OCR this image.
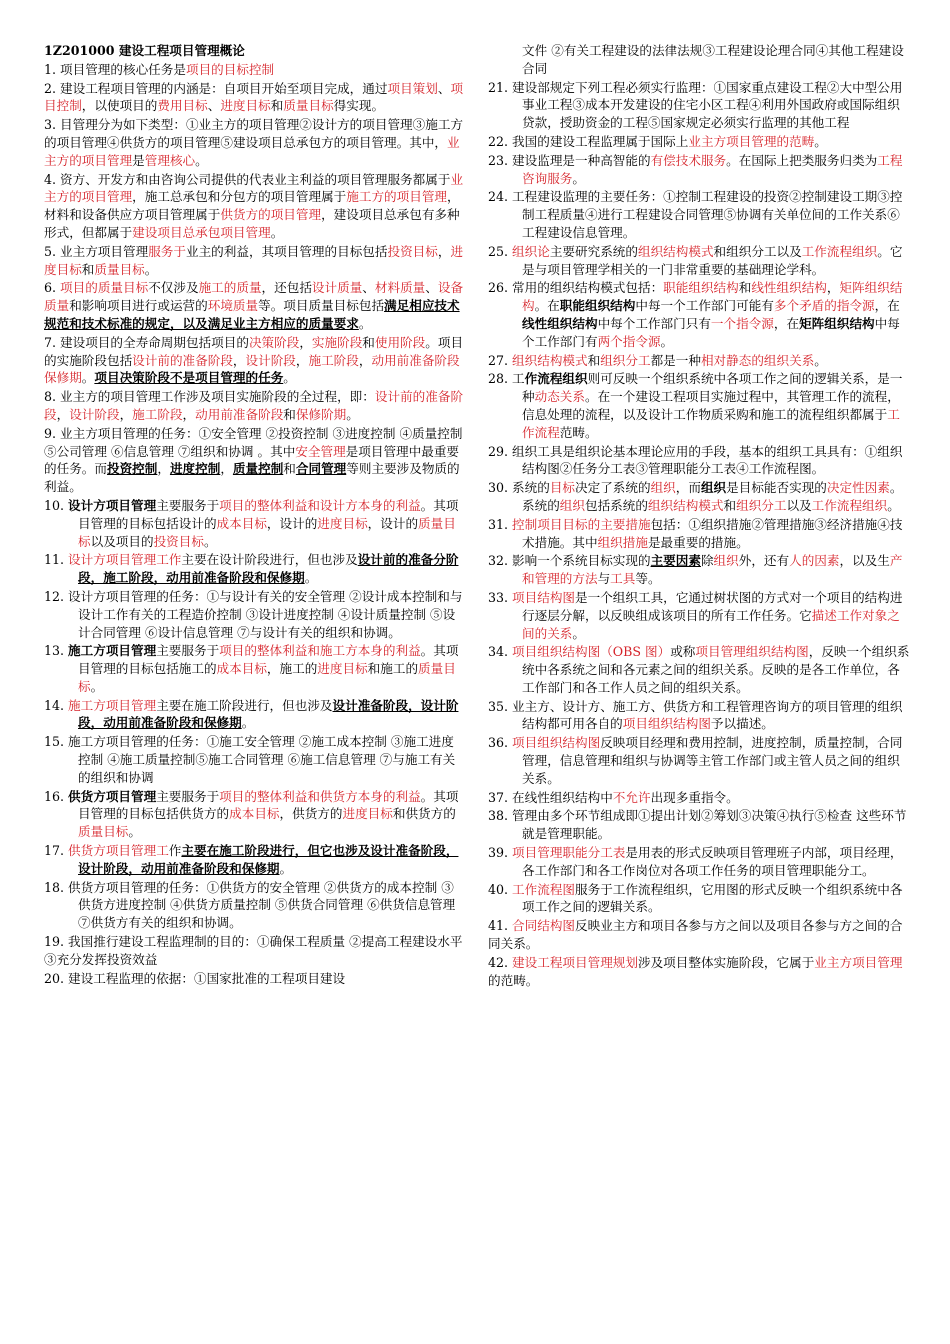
1Z201000 建设工程项目管理概论
1. 项目管理的核心任务是项目的目标控制
2. 建设工程项目管理的内涵是：自项目开始至项目完成，通过项目策划、项目控制，以使项目的费用目标、进度目标和质量目标得实现。
3. 目管理分为如下类型：①业主方的项目管理②设计方的项目管理③施工方的项目管理④供货方的项目管理⑤建设项目总承包方的项目管理。其中，业主方的项目管理是管理核心。
4. 资方、开发方和由咨询公司提供的代表业主利益的项目管理服务都属于业主方的项目管理，施工总承包和分包方的项目管理属于施工方的项目管理，材料和设备供应方项目管理属于供货方的项目管理，建设项目总承包有多种形式，但都属于建设项目总承包项目管理。
5. 业主方项目管理服务于业主的利益，其项目管理的目标包括投资目标，进度目标和质量目标。
6. 项目的质量目标不仅涉及施工的质量，还包括设计质量、材料质量、设备质量和影响项目进行或运营的环境质量等。项目质量目标包括满足相应技术规范和技术标准的规定，以及满足业主方相应的质量要求。
7. 建设项目的全寿命周期包括项目的决策阶段，实施阶段和使用阶段。项目的实施阶段包括设计前的准备阶段，设计阶段，施工阶段，动用前准备阶段保修期。项目决策阶段不是项目管理的任务。
8. 业主方的项目管理工作涉及项目实施阶段的全过程，即：设计前的准备阶段，设计阶段，施工阶段，动用前准备阶段和保修阶期。
9. 业主方项目管理的任务：①安全管理 ②投资控制 ③进度控制 ④质量控制 ⑤公司管理 ⑥信息管理 ⑦组织和协调 。其中安全管理是项目管理中最重要的任务。而投资控制，进度控制，质量控制和合同管理等则主要涉及物质的利益。
10. 设计方项目管理主要服务于项目的整体利益和设计方本身的利益。其项目管理的目标包括设计的成本目标，设计的进度目标，设计的质量目标以及项目的投资目标。
11. 设计方项目管理工作主要在设计阶段进行，但也涉及设计前的准备分阶段，施工阶段，动用前准备阶段和保修期。
12. 设计方项目管理的任务：①与设计有关的安全管理 ②设计成本控制和与设计工作有关的工程造价控制 ③设计进度控制 ④设计质量控制 ⑤设计合同管理 ⑥设计信息管理 ⑦与设计有关的组织和协调。
13. 施工方项目管理主要服务于项目的整体利益和施工方本身的利益。其项目管理的目标包括施工的成本目标，施工的进度目标和施工的质量目标。
14. 施工方项目管理主要在施工阶段进行，但也涉及设计准备阶段，设计阶段，动用前准备阶段和保修期。
15. 施工方项目管理的任务：①施工安全管理 ②施工成本控制 ③施工进度控制 ④施工质量控制⑤施工合同管理 ⑥施工信息管理 ⑦与施工有关的组织和协调
16. 供货方项目管理主要服务于项目的整体利益和供货方本身的利益。其项目管理的目标包括供货方的成本目标，供货方的进度目标和供货方的质量目标。
17. 供货方项目管理工作主要在施工阶段进行，但它也涉及设计准备阶段，设计阶段，动用前准备阶段和保修期。
18. 供货方项目管理的任务：①供货方的安全管理 ②供货方的成本控制 ③供货方进度控制 ④供货方质量控制 ⑤供货合同管理 ⑥供货信息管理 ⑦供货方有关的组织和协调。
19. 我国推行建设工程监理制的目的：①确保工程质量 ②提高工程建设水平③充分发挥投资效益
20. 建设工程监理的依据：①国家批准的工程项目建设
文件 ②有关工程建设的法律法规③工程建设论理合同④其他工程建设合同
21. 建设部规定下列工程必须实行监理：①国家重点建设工程②大中型公用事业工程③成本开发建设的住宅小区工程④利用外国政府或国际组织贷款，授助资金的工程⑤国家规定必须实行监理的其他工程
22. 我国的建设工程监理属于国际上业主方项目管理的范畴。
23. 建设监理是一种高智能的有偿技术服务。在国际上把类服务归类为工程咨询服务。
24. 工程建设监理的主要任务：①控制工程建设的投资②控制建设工期③控制工程质量④进行工程建设合同管理⑤协调有关单位间的工作关系⑥工程建设信息管理。
25. 组织论主要研究系统的组织结构模式和组织分工以及工作流程组织。它是与项目管理学相关的一门非常重要的基础理论学科。
26. 常用的组织结构模式包括：职能组织结构和线性组织结构，矩阵组织结构。在职能组织结构中每一个工作部门可能有多个矛盾的指令源，在线性组织结构中每个工作部门只有一个指令源，在矩阵组织结构中每个工作部门有两个指令源。
27. 组织结构模式和组织分工都是一种相对静态的组织关系。
28. 工作流程组织则可反映一个组织系统中各项工作之间的逻辑关系，是一种动态关系。在一个建设工程项目实施过程中，其管理工作的流程，信息处理的流程，以及设计工作物质采购和施工的流程组织都属于工作流程范畴。
29. 组织工具是组织论基本理论应用的手段，基本的组织工具具有：①组织结构图②任务分工表③管理职能分工表④工作流程图。
30. 系统的目标决定了系统的组织，而组织是目标能否实现的决定性因素。系统的组织包括系统的组织结构模式和组织分工以及工作流程组织。
31. 控制项目目标的主要措施包括：①组织措施②管理措施③经济措施④技术措施。其中组织措施是最重要的措施。
32. 影响一个系统目标实现的主要因素除组织外，还有人的因素，以及生产和管理的方法与工具等。
33. 项目结构图是一个组织工具，它通过树状图的方式对一个项目的结构进行逐层分解，以反映组成该项目的所有工作任务。它描述工作对象之间的关系。
34. 项目组织结构图（OBS 图）或称项目管理组织结构图，反映一个组织系统中各系统之间和各元素之间的组织关系。反映的是各工作单位，各工作部门和各工作人员之间的组织关系。
35. 业主方、设计方、施工方、供货方和工程管理咨询方的项目管理的组织结构都可用各自的项目组织结构图予以描述。
36. 项目组织结构图反映项目经理和费用控制，进度控制，质量控制，合同管理，信息管理和组织与协调等主管工作部门或主管人员之间的组织关系。
37. 在线性组织结构中不允许出现多重指令。
38. 管理由多个环节组成即①提出计划②筹划③决策④执行⑤检查 这些环节就是管理职能。
39. 项目管理职能分工表是用表的形式反映项目管理班子内部，项目经理，各工作部门和各工作岗位对各项工作任务的项目管理职能分工。
40. 工作流程图服务于工作流程组织，它用图的形式反映一个组织系统中各项工作之间的逻辑关系。
41. 合同结构图反映业主方和项目各参与方之间以及项目各参与方之间的合同关系。
42. 建设工程项目管理规划涉及项目整体实施阶段，它属于业主方项目管理的范畴。
